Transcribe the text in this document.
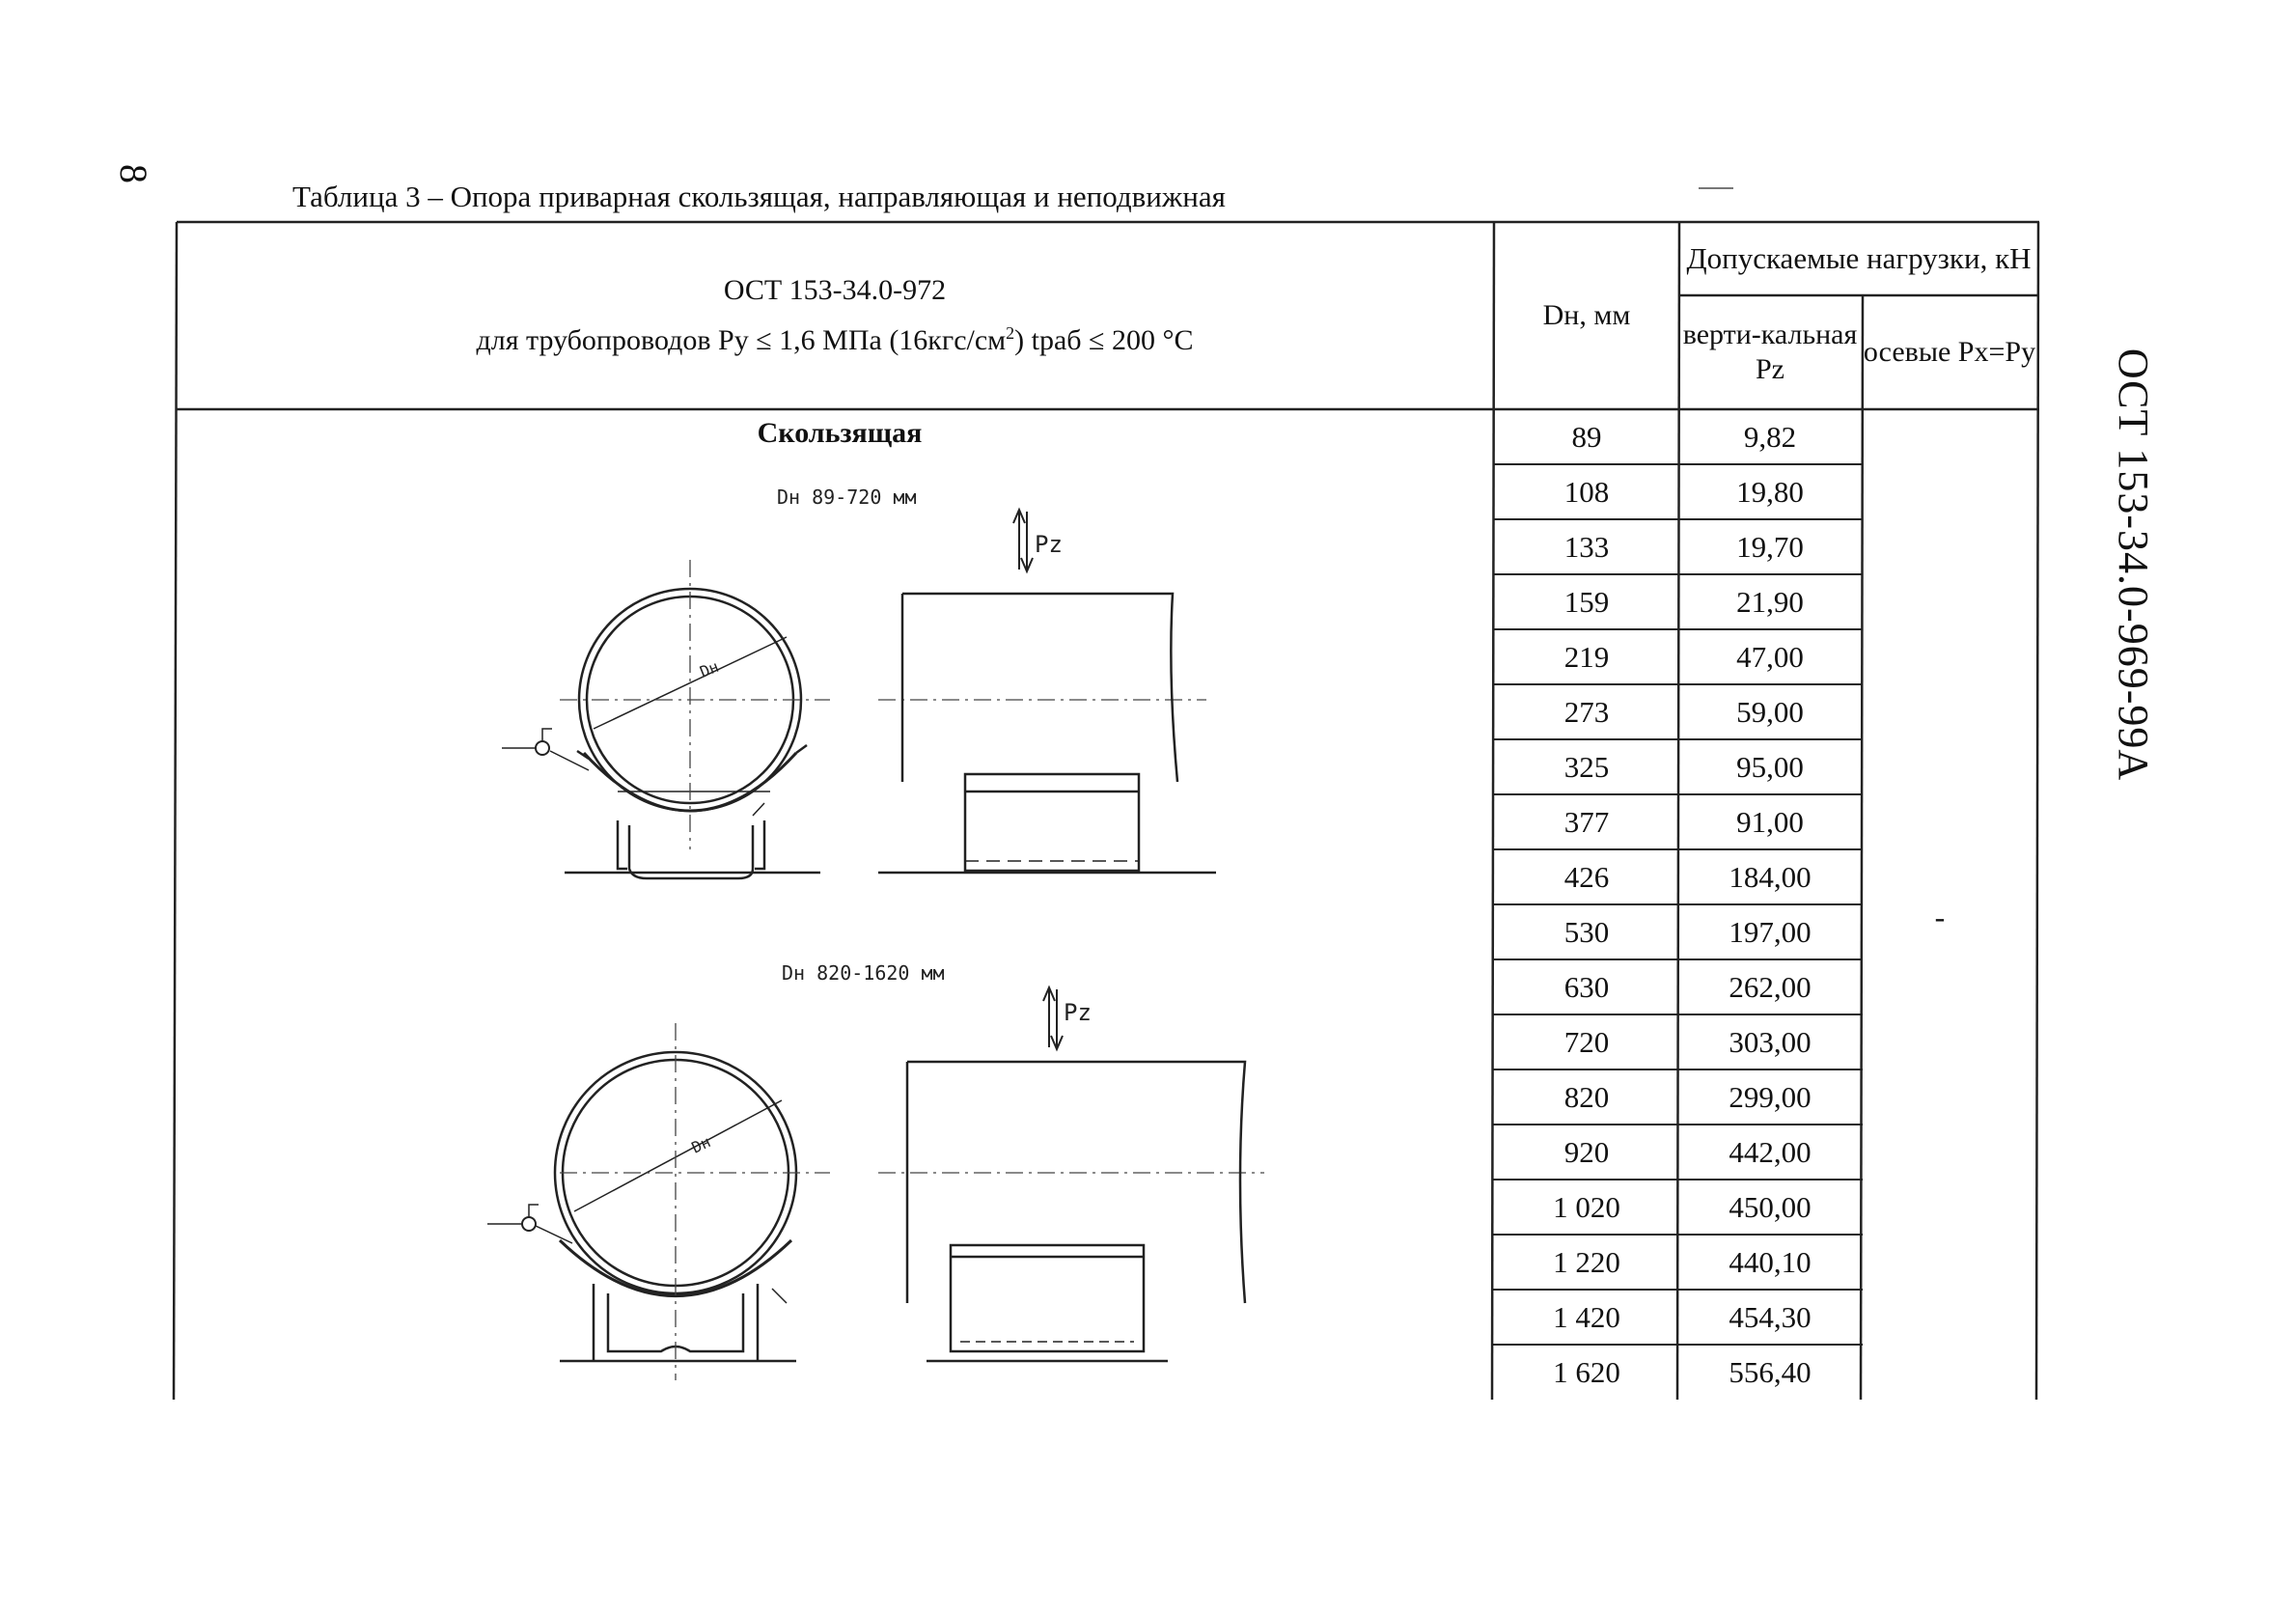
8
ОСТ 153-34.0-969-99А
Таблица 3 – Опора приварная скользящая, направляющая и неподвижная
ОСТ 153-34.0-972
для трубопроводов Ру ≤ 1,6 МПа $(16кгс/см^2)$ tраб ≤ 200 °С
Dн, мм
Допускаемые нагрузки, кН
верти-кальная Pz
осевые Px=Py
Скользящая
-
89	9,82
108	19,80
133	19,70
159	21,90
219	47,00
273	59,00
325	95,00
377	91,00
426	184,00
530	197,00
630	262,00
720	303,00
820	299,00
920	442,00
1 020	450,00
1 220	440,10
1 420	454,30
1 620	556,40
Dн 89-720 мм
Pz
Dн
Dн 820-1620 мм
Pz
Dн
